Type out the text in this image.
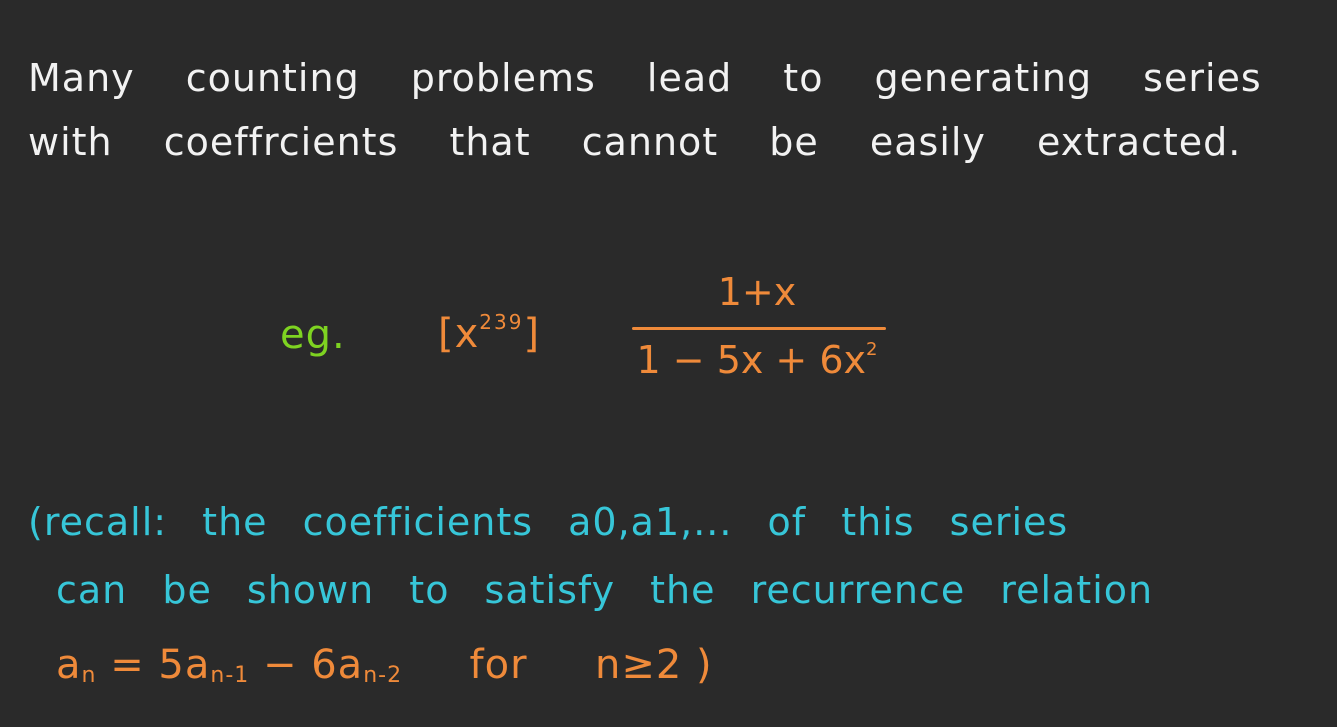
Many counting problems lead to generating series
with coeffrcients that cannot be easily extracted.
eg. $[x^{239}]$
1+x
$1 - 5x + 6x^2$
(recall: the coefficients a0,a1,... of this series
can be shown to satisfy the recurrence relation
$a_n = 5a_{n-1} - 6a_{n-2}$ for n≥2 )
